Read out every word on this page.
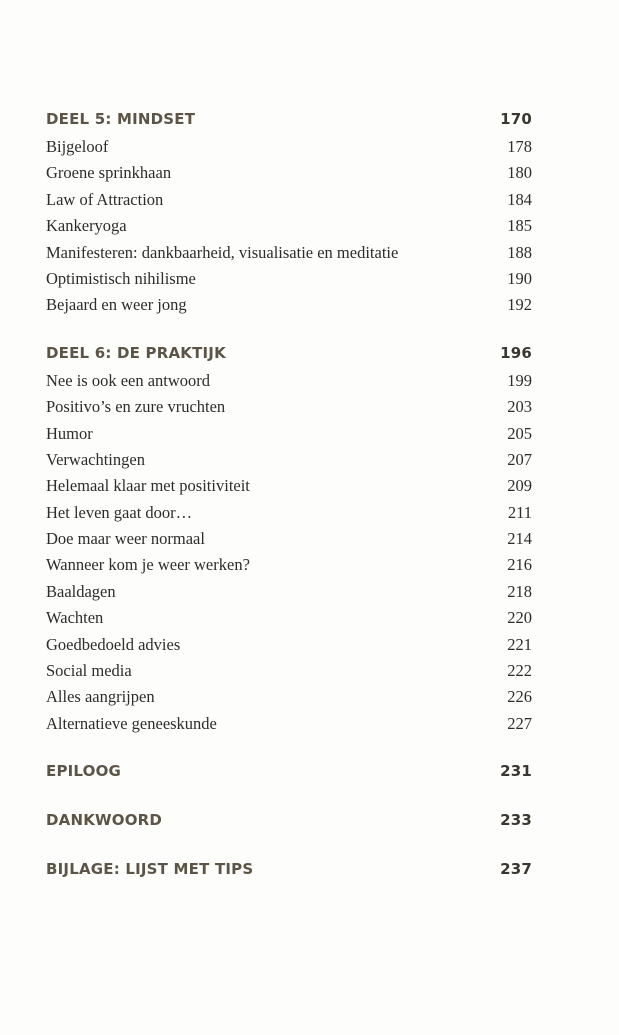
DEEL 5: MINDSET	170
Bijgeloof	178
Groene sprinkhaan	180
Law of Attraction	184
Kankeryoga	185
Manifesteren: dankbaarheid, visualisatie en meditatie	188
Optimistisch nihilisme	190
Bejaard en weer jong	192
DEEL 6: DE PRAKTIJK	196
Nee is ook een antwoord	199
Positivo’s en zure vruchten	203
Humor	205
Verwachtingen	207
Helemaal klaar met positiviteit	209
Het leven gaat door…	211
Doe maar weer normaal	214
Wanneer kom je weer werken?	216
Baaldagen	218
Wachten	220
Goedbedoeld advies	221
Social media	222
Alles aangrijpen	226
Alternatieve geneeskunde	227
EPILOOG	231
DANKWOORD	233
BIJLAGE: LIJST MET TIPS	237
